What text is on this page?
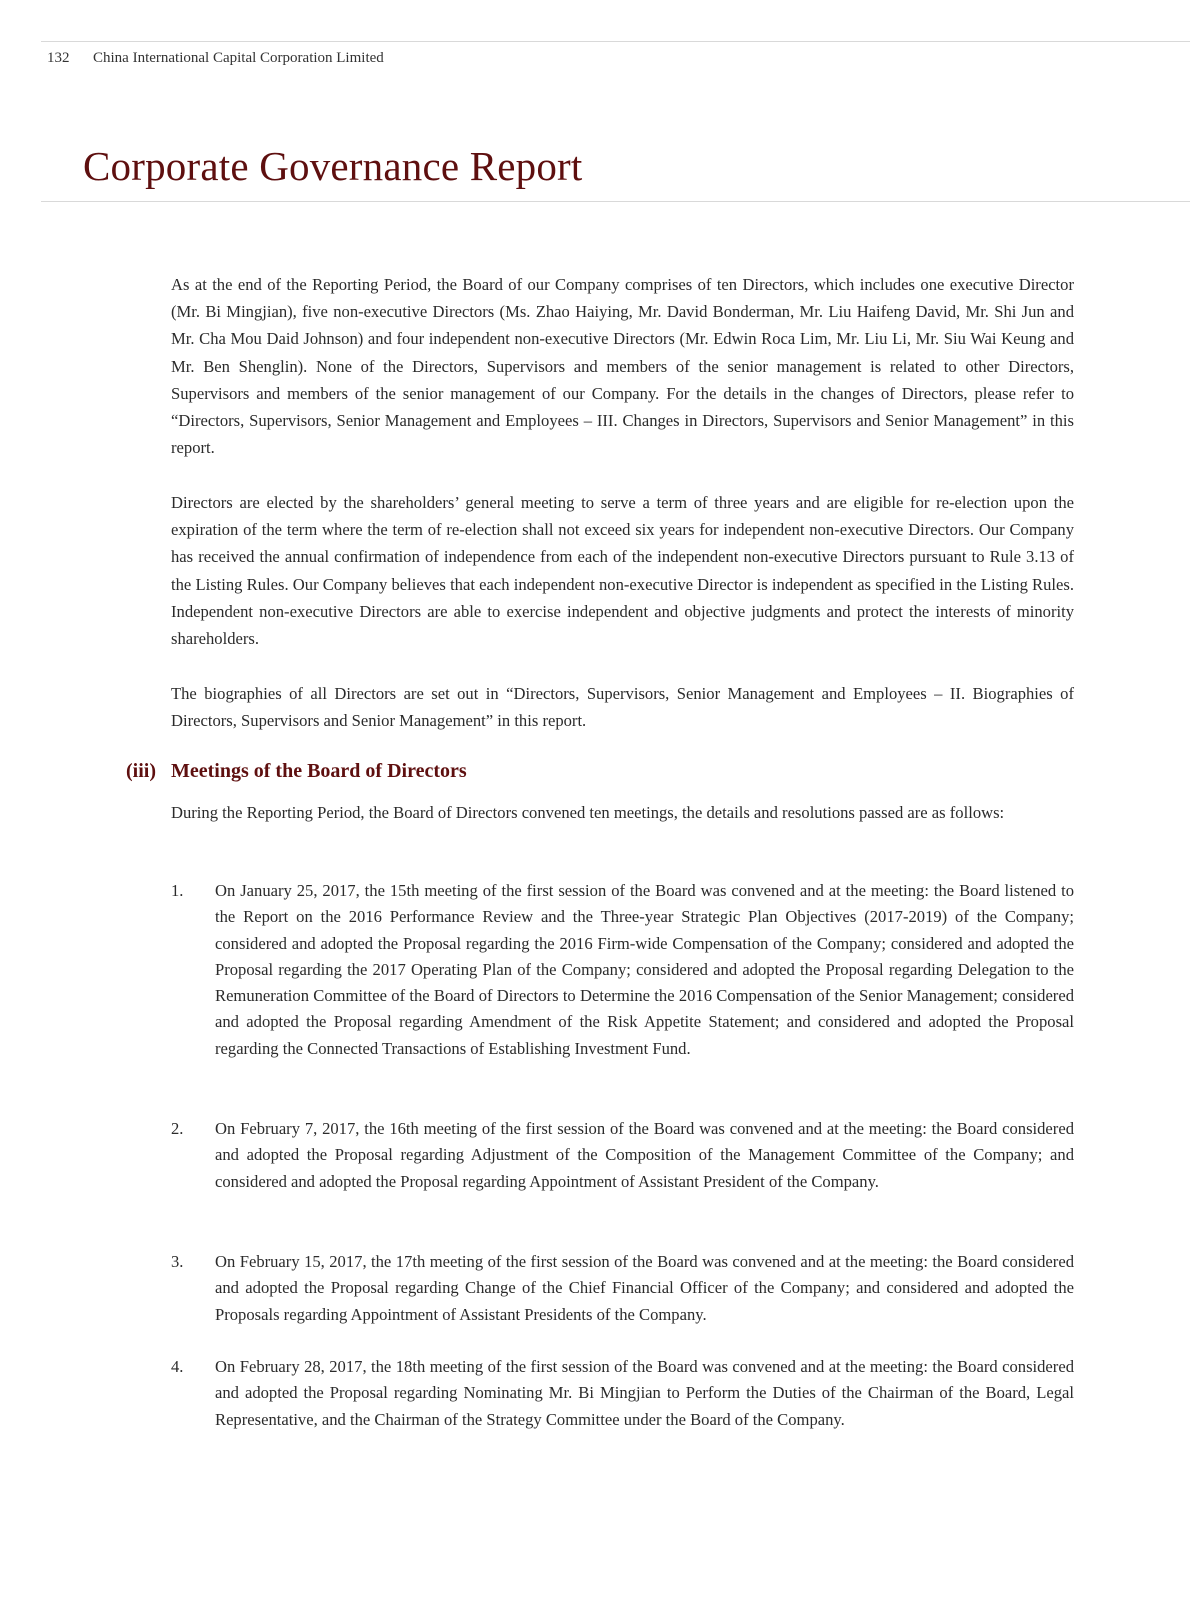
132	China International Capital Corporation Limited
Corporate Governance Report

As at the end of the Reporting Period, the Board of our Company comprises of ten Directors, which includes one executive Director (Mr. Bi Mingjian), five non-executive Directors (Ms. Zhao Haiying, Mr. David Bonderman, Mr. Liu Haifeng David, Mr. Shi Jun and Mr. Cha Mou Daid Johnson) and four independent non-executive Directors (Mr. Edwin Roca Lim, Mr. Liu Li, Mr. Siu Wai Keung and Mr. Ben Shenglin). None of the Directors, Supervisors and members of the senior management is related to other Directors, Supervisors and members of the senior management of our Company. For the details in the changes of Directors, please refer to “Directors, Supervisors, Senior Management and Employees – III. Changes in Directors, Supervisors and Senior Management” in this report.

Directors are elected by the shareholders’ general meeting to serve a term of three years and are eligible for re-election upon the expiration of the term where the term of re-election shall not exceed six years for independent non-executive Directors. Our Company has received the annual confirmation of independence from each of the independent non-executive Directors pursuant to Rule 3.13 of the Listing Rules. Our Company believes that each independent non-executive Director is independent as specified in the Listing Rules. Independent non-executive Directors are able to exercise independent and objective judgments and protect the interests of minority shareholders.

The biographies of all Directors are set out in “Directors, Supervisors, Senior Management and Employees – II. Biographies of Directors, Supervisors and Senior Management” in this report.

(iii) Meetings of the Board of Directors

During the Reporting Period, the Board of Directors convened ten meetings, the details and resolutions passed are as follows:

1.	On January 25, 2017, the 15th meeting of the first session of the Board was convened and at the meeting: the Board listened to the Report on the 2016 Performance Review and the Three-year Strategic Plan Objectives (2017-2019) of the Company; considered and adopted the Proposal regarding the 2016 Firm-wide Compensation of the Company; considered and adopted the Proposal regarding the 2017 Operating Plan of the Company; considered and adopted the Proposal regarding Delegation to the Remuneration Committee of the Board of Directors to Determine the 2016 Compensation of the Senior Management; considered and adopted the Proposal regarding Amendment of the Risk Appetite Statement; and considered and adopted the Proposal regarding the Connected Transactions of Establishing Investment Fund.
2.	On February 7, 2017, the 16th meeting of the first session of the Board was convened and at the meeting: the Board considered and adopted the Proposal regarding Adjustment of the Composition of the Management Committee of the Company; and considered and adopted the Proposal regarding Appointment of Assistant President of the Company.
3.	On February 15, 2017, the 17th meeting of the first session of the Board was convened and at the meeting: the Board considered and adopted the Proposal regarding Change of the Chief Financial Officer of the Company; and considered and adopted the Proposals regarding Appointment of Assistant Presidents of the Company.
4.	On February 28, 2017, the 18th meeting of the first session of the Board was convened and at the meeting: the Board considered and adopted the Proposal regarding Nominating Mr. Bi Mingjian to Perform the Duties of the Chairman of the Board, Legal Representative, and the Chairman of the Strategy Committee under the Board of the Company.
